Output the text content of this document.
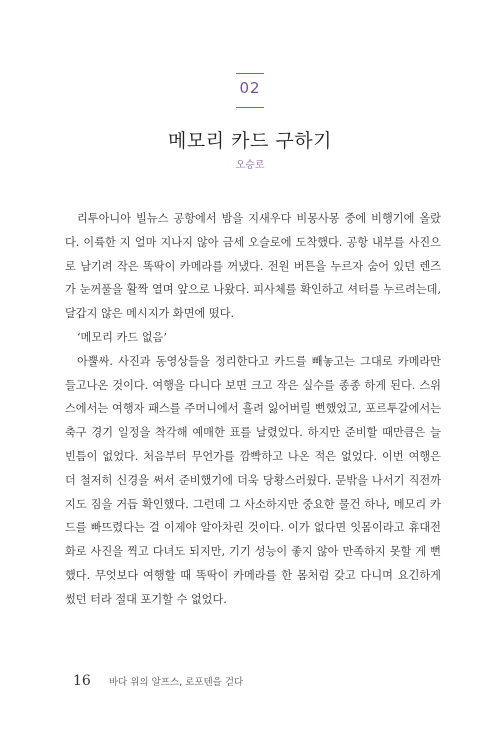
02
메모리 카드 구하기
오승로

리투아니아 빌뉴스 공항에서 밤을 지새우다 비몽사몽 중에 비행기에 올랐다. 이륙한 지 얼마 지나지 않아 금세 오슬로에 도착했다. 공항 내부를 사진으로 남기려 작은 똑딱이 카메라를 꺼냈다. 전원 버튼을 누르자 숨어 있던 렌즈가 눈꺼풀을 활짝 열며 앞으로 나왔다. 피사체를 확인하고 셔터를 누르려는데, 달갑지 않은 메시지가 화면에 떴다.

‘메모리 카드 없음’

아뿔싸. 사진과 동영상들을 정리한다고 카드를 빼놓고는 그대로 카메라만 들고나온 것이다. 여행을 다니다 보면 크고 작은 실수를 종종 하게 된다. 스위스에서는 여행자 패스를 주머니에서 흘려 잃어버릴 뻔했었고, 포르투갈에서는 축구 경기 일정을 착각해 예매한 표를 날렸었다. 하지만 준비할 때만큼은 늘 빈틈이 없었다. 처음부터 무언가를 깜빡하고 나온 적은 없었다. 이번 여행은 더 철저히 신경을 써서 준비했기에 더욱 당황스러웠다. 문밖을 나서기 직전까지도 짐을 거듭 확인했다. 그런데 그 사소하지만 중요한 물건 하나, 메모리 카드를 빠뜨렸다는 걸 이제야 알아차린 것이다. 이가 없다면 잇몸이라고 휴대전화로 사진을 찍고 다녀도 되지만, 기기 성능이 좋지 않아 만족하지 못할 게 뻔했다. 무엇보다 여행할 때 똑딱이 카메라를 한 몸처럼 갖고 다니며 요긴하게 썼던 터라 절대 포기할 수 없었다.

16 바다 위의 알프스, 로포텐을 걷다
